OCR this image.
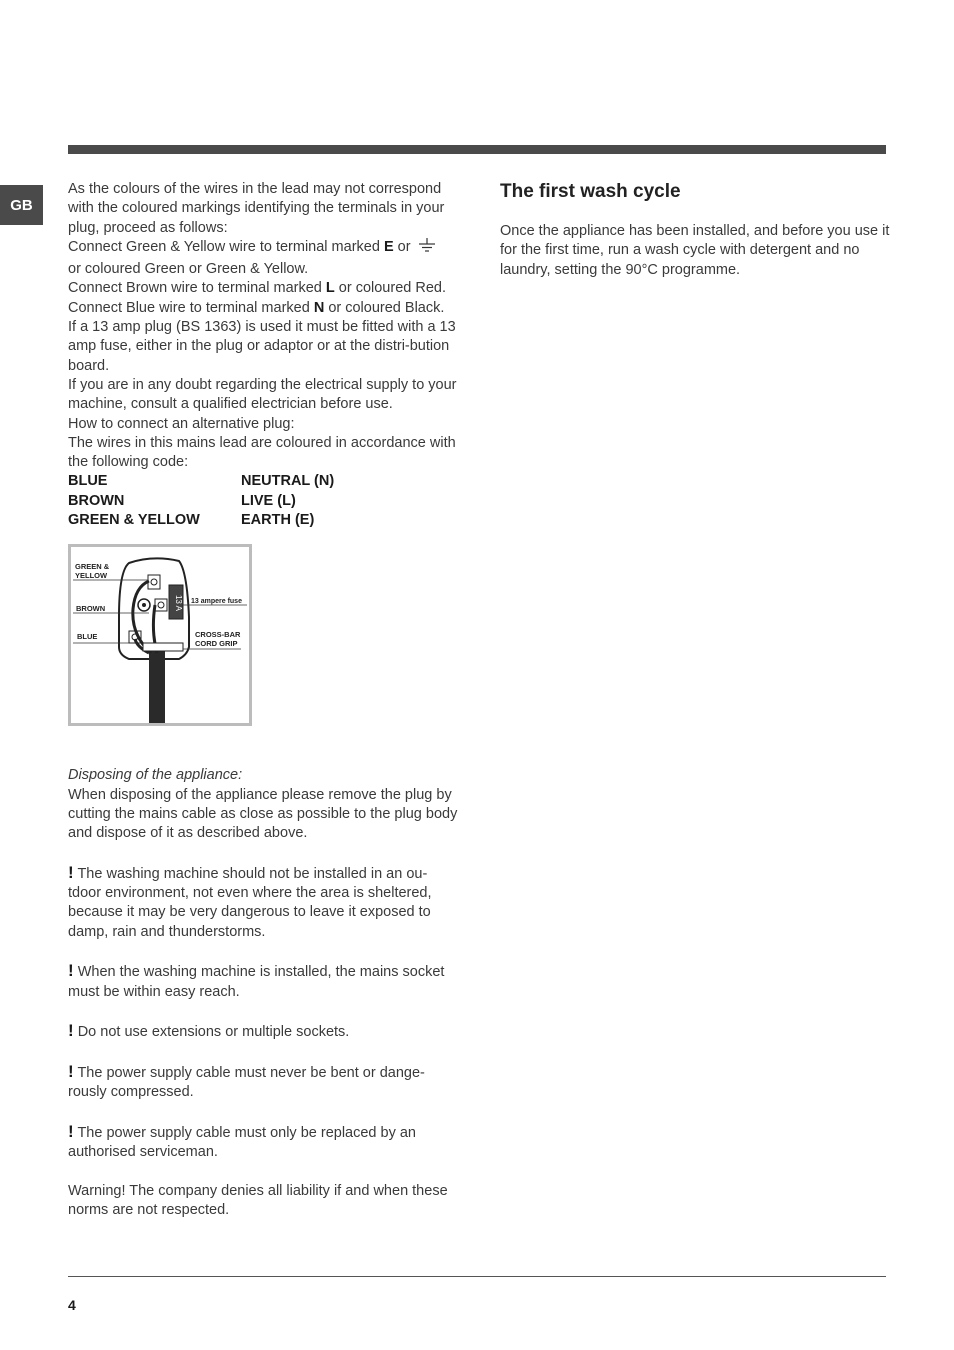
GB

As the colours of the wires in the lead may not correspond with the coloured markings identifying the terminals in your plug, proceed as follows:

Connect Green & Yellow wire to terminal marked E or
or coloured Green or Green & Yellow.

Connect Brown wire to terminal marked L or coloured Red.

Connect Blue wire to terminal marked N or coloured Black.

If a 13 amp plug (BS 1363) is used it must be fitted with a 13 amp fuse, either in the plug or adaptor or at the distri-bution board.

If you are in any doubt regarding the electrical supply to your machine, consult a qualified electrician before use.

How to connect an alternative plug:

The wires in this mains lead are coloured in accordance with the following code:

BLUE	NEUTRAL (N)
BROWN	LIVE (L)
GREEN & YELLOW	EARTH (E)
13 A
GREEN &
YELLOW
BROWN
BLUE
13 ampere fuse
CROSS-BAR
CORD GRIP

Disposing of the appliance:

When disposing of the appliance please remove the plug by cutting the mains cable as close as possible to the plug body and dispose of it as described above.

! The washing machine should not be installed in an ou-tdoor environment, not even where the area is sheltered, because it may be very dangerous to leave it exposed to damp, rain and thunderstorms.

! When the washing machine is installed, the mains socket must be within easy reach.

! Do not use extensions or multiple sockets.

! The power supply cable must never be bent or dange-rously compressed.

! The power supply cable must only be replaced by an authorised serviceman.

Warning! The company denies all liability if and when these norms are not respected.

The first wash cycle

Once the appliance has been installed, and before you use it for the first time, run a wash cycle with detergent and no laundry, setting the 90°C programme.

4
